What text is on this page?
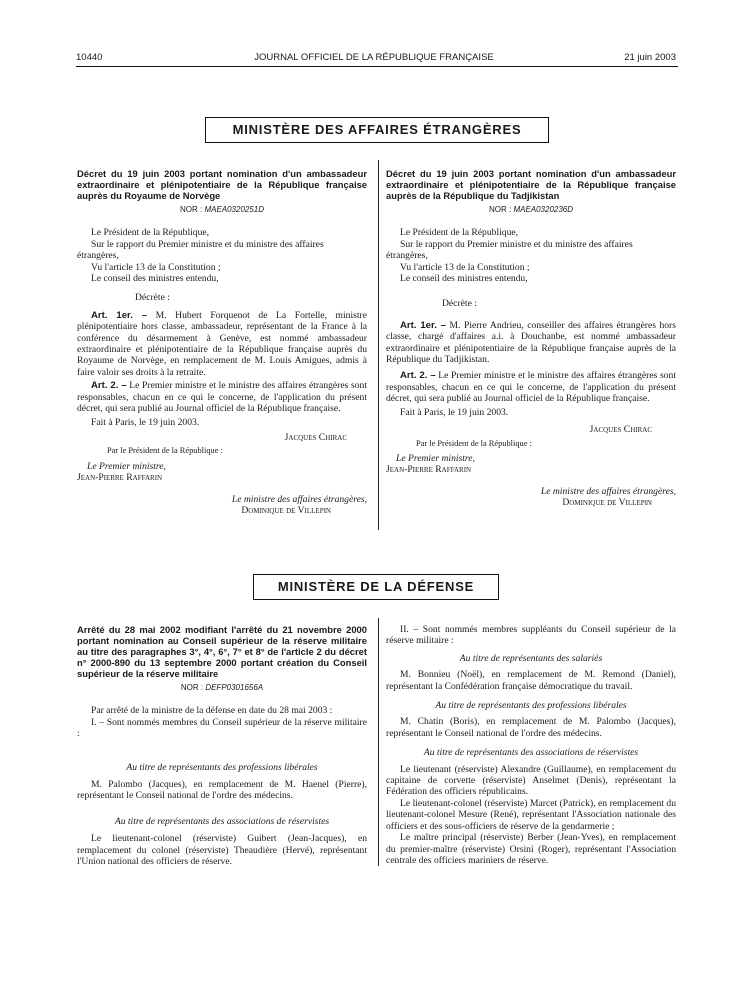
10440	JOURNAL OFFICIEL DE LA RÉPUBLIQUE FRANÇAISE	21 juin 2003
MINISTÈRE DES AFFAIRES ÉTRANGÈRES
Décret du 19 juin 2003 portant nomination d'un ambassadeur extraordinaire et plénipotentiaire de la République française auprès du Royaume de Norvège
NOR : MAEA0320251D

Le Président de la République,

Sur le rapport du Premier ministre et du ministre des affaires étrangères,

Vu l'article 13 de la Constitution ;

Le conseil des ministres entendu,

Décrète :

Art. 1er. – M. Hubert Forquenot de La Fortelle, ministre plénipotentiaire hors classe, ambassadeur, représentant de la France à la conférence du désarmement à Genève, est nommé ambassadeur extraordinaire et plénipotentiaire de la République française auprès du Royaume de Norvège, en remplacement de M. Louis Amigues, admis à faire valoir ses droits à la retraite.

Art. 2. – Le Premier ministre et le ministre des affaires étrangères sont responsables, chacun en ce qui le concerne, de l'application du présent décret, qui sera publié au Journal officiel de la République française.

Fait à Paris, le 19 juin 2003.

Jacques Chirac

Par le Président de la République :

Le Premier ministre,

Jean-Pierre Raffarin

Le ministre des affaires étrangères,

Dominique de Villepin

Décret du 19 juin 2003 portant nomination d'un ambassadeur extraordinaire et plénipotentiaire de la République française auprès de la République du Tadjikistan
NOR : MAEA0320236D

Le Président de la République,

Sur le rapport du Premier ministre et du ministre des affaires étrangères,

Vu l'article 13 de la Constitution ;

Le conseil des ministres entendu,

Décrète :

Art. 1er. – M. Pierre Andrieu, conseiller des affaires étrangères hors classe, chargé d'affaires a.i. à Douchanbe, est nommé ambassadeur extraordinaire et plénipotentiaire de la République française auprès de la République du Tadjikistan.

Art. 2. – Le Premier ministre et le ministre des affaires étrangères sont responsables, chacun en ce qui le concerne, de l'application du présent décret, qui sera publié au Journal officiel de la République française.

Fait à Paris, le 19 juin 2003.

Jacques Chirac

Par le Président de la République :

Le Premier ministre,

Jean-Pierre Raffarin

Le ministre des affaires étrangères,

Dominique de Villepin

MINISTÈRE DE LA DÉFENSE
Arrêté du 28 mai 2002 modifiant l'arrêté du 21 novembre 2000 portant nomination au Conseil supérieur de la réserve militaire au titre des paragraphes 3°, 4°, 6°, 7° et 8° de l'article 2 du décret n° 2000-890 du 13 septembre 2000 portant création du Conseil supérieur de la réserve militaire
NOR : DEFP0301656A

Par arrêté de la ministre de la défense en date du 28 mai 2003 :

I. – Sont nommés membres du Conseil supérieur de la réserve militaire :

Au titre de représentants des professions libérales

M. Palombo (Jacques), en remplacement de M. Haenel (Pierre), représentant le Conseil national de l'ordre des médecins.

Au titre de représentants des associations de réservistes

Le lieutenant-colonel (réserviste) Guibert (Jean-Jacques), en remplacement du colonel (réserviste) Theaudière (Hervé), représentant l'Union national des officiers de réserve.

II. – Sont nommés membres suppléants du Conseil supérieur de la réserve militaire :

Au titre de représentants des salariés

M. Bonnieu (Noël), en remplacement de M. Remond (Daniel), représentant la Confédération française démocratique du travail.

Au titre de représentants des professions libérales

M. Chatin (Boris), en remplacement de M. Palombo (Jacques), représentant le Conseil national de l'ordre des médecins.

Au titre de représentants des associations de réservistes

Le lieutenant (réserviste) Alexandre (Guillaume), en remplacement du capitaine de corvette (réserviste) Anselmet (Denis), représentant la Fédération des officiers républicains.

Le lieutenant-colonel (réserviste) Marcet (Patrick), en remplacement du lieutenant-colonel Mesure (René), représentant l'Association nationale des officiers et des sous-officiers de réserve de la gendarmerie ;

Le maître principal (réserviste) Berber (Jean-Yves), en remplacement du premier-maître (réserviste) Orsini (Roger), représentant l'Association centrale des officiers mariniers de réserve.
